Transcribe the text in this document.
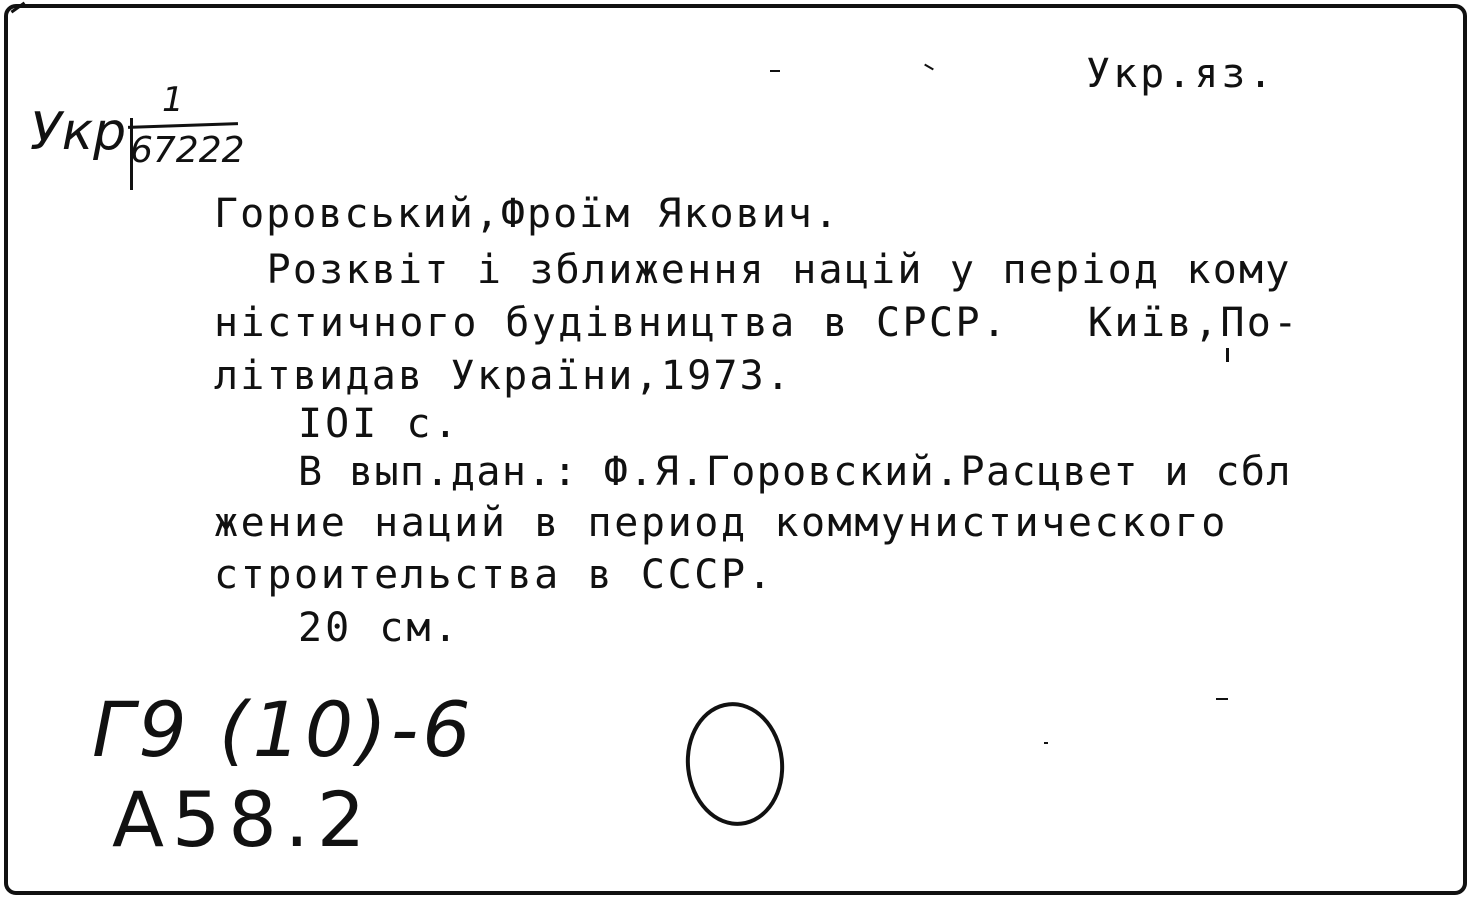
Укр.яз.
Укр
1
67222
Горовський,Фроїм Якович.
Розквіт і зближення націй у період кому
ністичного будівництва в СРСР.   Київ,По-
літвидав України,1973.
IOI с.
В вып.дан.: Ф.Я.Горовский.Расцвет и сбл
жение наций в период коммунистического
строительства в СССР.
20 см.
Г9 (10)-6
А58.2
